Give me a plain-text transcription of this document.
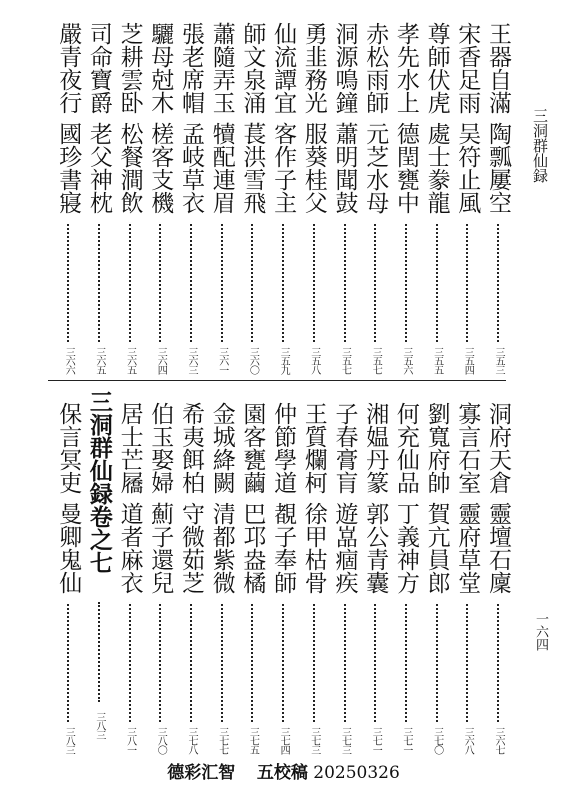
三洞群仙録
一六四
王器自滿
陶瓢屢空
三五三
宋香足雨
吴符止風
三五四
尊師伏虎
處士豢龍
三五五
孝先水上
德閏甕中
三五六
赤松雨師
元芝水母
三五七
洞源鳴鐘
蕭明聞鼓
三五七
勇韭務光
服葵桂父
三五八
仙流譚宜
客作子主
三五九
師文泉涌
萇洪雪飛
三六〇
蕭隨弄玉
犢配連眉
三六一
張老席帽
孟岐草衣
三六三
驪母尅木
槎客支機
三六四
芝耕雲卧
松餐澗飲
三六五
司命寶爵
老父神枕
三六五
嚴青夜行
國珍書寢
三六六
洞府天倉
靈壇石廩
三六七
寡言石室
靈府草堂
三六八
劉寬府帥
賀亢員郎
三七〇
何充仙品
丁義神方
三七一
湘媪丹篆
郭公青囊
三七一
子春膏肓
遊嵓痼疾
三七三
王質爛柯
徐甲枯骨
三七三
仲節學道
覩子奉師
三七四
園客甕繭
巴邛盎橘
三七五
金城絳闕
清都紫微
三七七
希夷餌柏
守微茹芝
三七八
伯玉娶婦
薊子還兒
三八〇
居士芒屩
道者麻衣
三八一
三洞群仙録卷之七
三八三
保言冥吏
曼卿鬼仙
三八三
德彩汇智 五校稿 20250326
